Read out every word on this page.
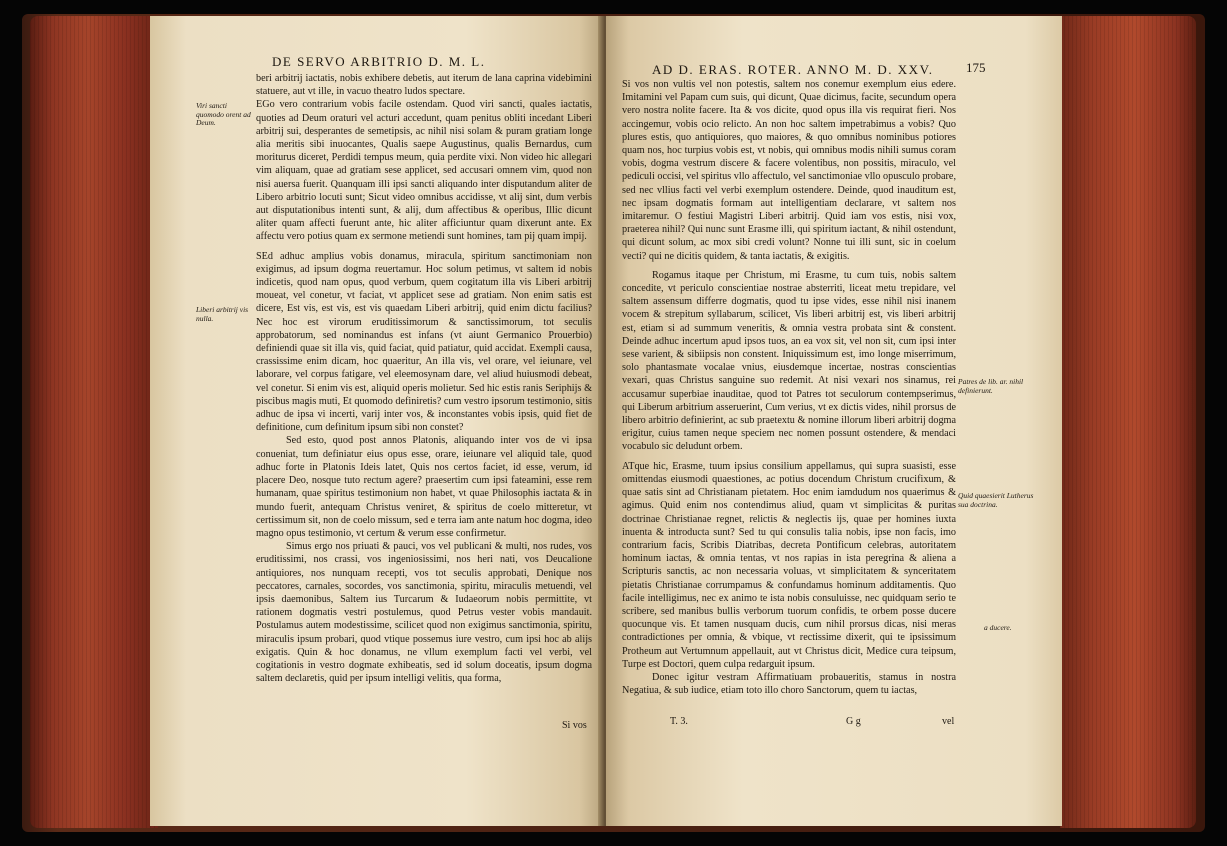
DE SERVO ARBITRIO D. M. L.
Viri sancti quomodo orent ad Deum.
Liberi arbitrij vis nulla.

beri arbitrij iactatis, nobis exhibere debetis, aut iterum de lana caprina videbimini statuere, aut vt ille, in vacuo theatro ludos spectare.

EGo vero contrarium vobis facile ostendam. Quod viri sancti, quales iactatis, quoties ad Deum oraturi vel acturi accedunt, quam penitus obliti incedant Liberi arbitrij sui, desperantes de semetipsis, ac nihil nisi solam & puram gratiam longe alia meritis sibi inuocantes, Qualis saepe Augustinus, qualis Bernardus, cum moriturus diceret, Perdidi tempus meum, quia perdite vixi. Non video hic allegari vim aliquam, quae ad gratiam sese applicet, sed accusari omnem vim, quod non nisi auersa fuerit. Quanquam illi ipsi sancti aliquando inter disputandum aliter de Libero arbitrio locuti sunt; Sicut video omnibus accidisse, vt alij sint, dum verbis aut disputationibus intenti sunt, & alij, dum affectibus & operibus, Illic dicunt aliter quam affecti fuerunt ante, hic aliter afficiuntur quam dixerunt ante. Ex affectu vero potius quam ex sermone metiendi sunt homines, tam pij quam impij.

SEd adhuc amplius vobis donamus, miracula, spiritum sanctimoniam non exigimus, ad ipsum dogma reuertamur. Hoc solum petimus, vt saltem id nobis indicetis, quod nam opus, quod verbum, quem cogitatum illa vis Liberi arbitrij moueat, vel conetur, vt faciat, vt applicet sese ad gratiam. Non enim satis est dicere, Est vis, est vis, est vis quaedam Liberi arbitrij, quid enim dictu facilius? Nec hoc est virorum eruditissimorum & sanctissimorum, tot seculis approbatorum, sed nominandus est infans (vt aiunt Germanico Prouerbio) definiendi quae sit illa vis, quid faciat, quid patiatur, quid accidat. Exempli causa, crassissime enim dicam, hoc quaeritur, An illa vis, vel orare, vel ieiunare, vel laborare, vel corpus fatigare, vel eleemosynam dare, vel aliud huiusmodi debeat, vel conetur. Si enim vis est, aliquid operis molietur. Sed hic estis ranis Seriphijs & piscibus magis muti, Et quomodo definiretis? cum vestro ipsorum testimonio, sitis adhuc de ipsa vi incerti, varij inter vos, & inconstantes vobis ipsis, quid fiet de definitione, cum definitum ipsum sibi non constet?

Sed esto, quod post annos Platonis, aliquando inter vos de vi ipsa conueniat, tum definiatur eius opus esse, orare, ieiunare vel aliquid tale, quod adhuc forte in Platonis Ideis latet, Quis nos certos faciet, id esse, verum, id placere Deo, nosque tuto rectum agere? praesertim cum ipsi fateamini, esse rem humanam, quae spiritus testimonium non habet, vt quae Philosophis iactata & in mundo fuerit, antequam Christus veniret, & spiritus de coelo mitteretur, vt certissimum sit, non de coelo missum, sed e terra iam ante natum hoc dogma, ideo magno opus testimonio, vt certum & verum esse confirmetur.

Simus ergo nos priuati & pauci, vos vel publicani & multi, nos rudes, vos eruditissimi, nos crassi, vos ingeniosissimi, nos heri nati, vos Deucalione antiquiores, nos nunquam recepti, vos tot seculis approbati, Denique nos peccatores, carnales, socordes, vos sanctimonia, spiritu, miraculis metuendi, vel ipsis daemonibus, Saltem ius Turcarum & Iudaeorum nobis permittite, vt rationem dogmatis vestri postulemus, quod Petrus vester vobis mandauit. Postulamus autem modestissime, scilicet quod non exigimus sanctimonia, spiritu, miraculis ipsum probari, quod vtique possemus iure vestro, cum ipsi hoc ab alijs exigatis. Quin & hoc donamus, ne vllum exemplum facti vel verbi, vel cogitationis in vestro dogmate exhibeatis, sed id solum doceatis, ipsum dogma saltem declaretis, quid per ipsum intelligi velitis, qua forma,

Si vos
AD D. ERAS. ROTER. ANNO M. D. XXV. 175

Si vos non vultis vel non potestis, saltem nos conemur exemplum eius edere. Imitamini vel Papam cum suis, qui dicunt, Quae dicimus, facite, secundum opera vero nostra nolite facere. Ita & vos dicite, quod opus illa vis requirat fieri. Nos accingemur, vobis ocio relicto. An non hoc saltem impetrabimus a vobis? Quo plures estis, quo antiquiores, quo maiores, & quo omnibus nominibus potiores quam nos, hoc turpius vobis est, vt nobis, qui omnibus modis nihili sumus coram vobis, dogma vestrum discere & facere volentibus, non possitis, miraculo, vel pediculi occisi, vel spiritus vllo affectulo, vel sanctimoniae vllo opusculo probare, sed nec vllius facti vel verbi exemplum ostendere. Deinde, quod inauditum est, nec ipsam dogmatis formam aut intelligentiam declarare, vt saltem nos imitaremur. O festiui Magistri Liberi arbitrij. Quid iam vos estis, nisi vox, praeterea nihil? Qui nunc sunt Erasme illi, qui spiritum iactant, & nihil ostendunt, qui dicunt solum, ac mox sibi credi volunt? Nonne tui illi sunt, sic in coelum vecti? qui ne dicitis quidem, & tanta iactatis, & exigitis.

Rogamus itaque per Christum, mi Erasme, tu cum tuis, nobis saltem concedite, vt periculo conscientiae nostrae absterriti, liceat metu trepidare, vel saltem assensum differre dogmatis, quod tu ipse vides, esse nihil nisi inanem vocem & strepitum syllabarum, scilicet, Vis liberi arbitrij est, vis liberi arbitrij est, etiam si ad summum veneritis, & omnia vestra probata sint & constent. Deinde adhuc incertum apud ipsos tuos, an ea vox sit, vel non sit, cum ipsi inter sese varient, & sibiipsis non constent. Iniquissimum est, imo longe miserrimum, solo phantasmate vocalae vnius, eiusdemque incertae, nostras conscientias vexari, quas Christus sanguine suo redemit. At nisi vexari nos sinamus, rei accusamur superbiae inauditae, quod tot Patres tot seculorum contempserimus, qui Liberum arbitrium asseruerint, Cum verius, vt ex dictis vides, nihil prorsus de libero arbitrio definierint, ac sub praetextu & nomine illorum liberi arbitrij dogma erigitur, cuius tamen neque speciem nec nomen possunt ostendere, & mendaci vocabulo sic deludunt orbem.

ATque hic, Erasme, tuum ipsius consilium appellamus, qui supra suasisti, esse omittendas eiusmodi quaestiones, ac potius docendum Christum crucifixum, & quae satis sint ad Christianam pietatem. Hoc enim iamdudum nos quaerimus & agimus. Quid enim nos contendimus aliud, quam vt simplicitas & puritas doctrinae Christianae regnet, relictis & neglectis ijs, quae per homines iuxta inuenta & introducta sunt? Sed tu qui consulis talia nobis, ipse non facis, imo contrarium facis, Scribis Diatribas, decreta Pontificum celebras, autoritatem hominum iactas, & omnia tentas, vt nos rapias in ista peregrina & aliena a Scripturis sanctis, ac non necessaria voluas, vt simplicitatem & synceritatem pietatis Christianae corrumpamus & confundamus hominum additamentis. Quo facile intelligimus, nec ex animo te ista nobis consuluisse, nec quidquam serio te scribere, sed manibus bullis verborum tuorum confidis, te orbem posse ducere quocunque vis. Et tamen nusquam ducis, cum nihil prorsus dicas, nisi meras contradictiones per omnia, & vbique, vt rectissime dixerit, qui te ipsissimum Protheum aut Vertumnum appellauit, aut vt Christus dicit, Medice cura teipsum, Turpe est Doctori, quem culpa redarguit ipsum.

Donec igitur vestram Affirmatiuam probaueritis, stamus in nostra Negatiua, & sub iudice, etiam toto illo choro Sanctorum, quem tu iactas,

Patres de lib. ar. nihil definierunt.
Quid quaesierit Lutherus sua doctrina.
a ducere.
T. 3.	G g	vel
